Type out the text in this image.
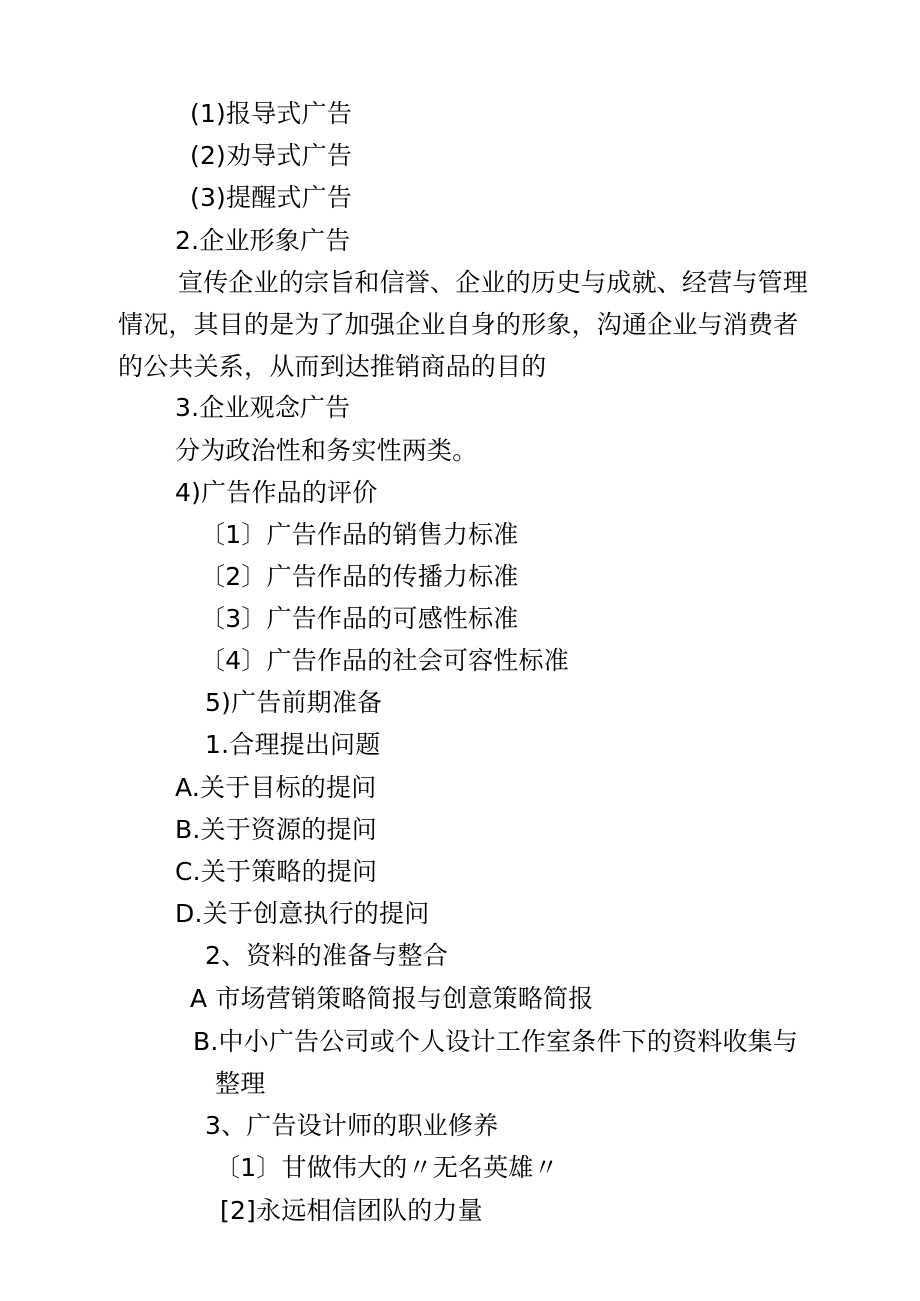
(1)报导式广告
(2)劝导式广告
(3)提醒式广告
2.企业形象广告
宣传企业的宗旨和信誉、企业的历史与成就、经营与管理
情况，其目的是为了加强企业自身的形象，沟通企业与消费者
的公共关系，从而到达推销商品的目的
3.企业观念广告
分为政治性和务实性两类。
4)广告作品的评价
〔1〕广告作品的销售力标准
〔2〕广告作品的传播力标准
〔3〕广告作品的可感性标准
〔4〕广告作品的社会可容性标准
5)广告前期准备
1.合理提出问题
A.关于目标的提问
B.关于资源的提问
C.关于策略的提问
D.关于创意执行的提问
2、资料的准备与整合
A 市场营销策略简报与创意策略简报
B.中小广告公司或个人设计工作室条件下的资料收集与
整理
3、广告设计师的职业修养
〔1〕甘做伟大的〃无名英雄〃
[2]永远相信团队的力量
